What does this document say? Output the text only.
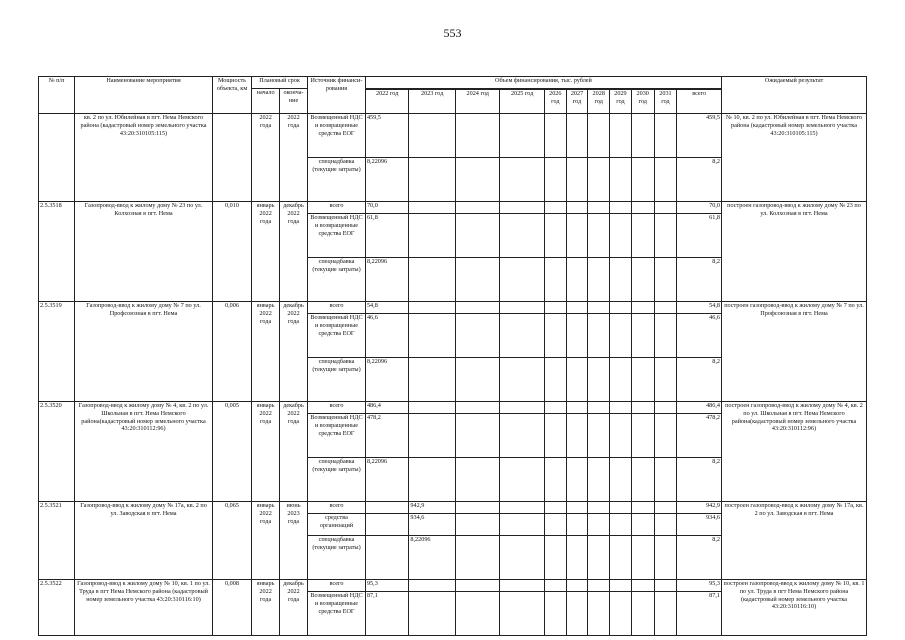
553
№ п/п	Наименование мероприятия	Мощность объекта, км	Плановый срок		Источник финанси-рования	Объем финансирования, тыс. рублей											Ожидаемый результат
			начало	оконча-ние													
						2022 год	2023 год	2024 год	2025 год	2026 год	2027 год	2028 год	2029 год	2030 год	2031 год	всего	
	кв. 2 по ул. Юбилейная в пгт. Нема Немского района (кадастровый номер земельного участка 43:20:310105:115)		2022 года	2022 года	Возмещенный НДС и возвращенные средства ЕОГ	459,5										459,5	№ 10, кв. 2 по ул. Юбилейная в пгт. Нема Немского района (кадастровый номер земельного участка 43:20:310105:115)
					спецнадбавка (текущие затраты)	8,22096										8,2	
2.5.3518	Газопровод-ввод к жилому дому № 23 по ул. Колхозная в пгт. Нема	0,010	январь 2022 года	декабрь 2022 года	всего	70,0										70,0	построен газопровод-ввод к жилому дому № 23 по ул. Колхозная в пгт. Нема
					Возмещенный НДС и возвращенные средства ЕОГ	61,8										61,8	
					спецнадбавка (текущие затраты)	8,22096										8,2	
2.5.3519	Газопровод-ввод к жилому дому № 7 по ул. Профсоюзная в пгт. Нема	0,006	январь 2022 года	декабрь 2022 года	всего	54,8										54,8	построен газопровод-ввод к жилому дому № 7 по ул. Профсоюзная в пгт. Нема
					Возмещенный НДС и возвращенные средства ЕОГ	46,6										46,6	
					спецнадбавка (текущие затраты)	8,22096										8,2	
2.5.3520	Газопровод-ввод к жилому дому № 4, кв. 2 по ул. Школьная в пгт. Нема Немского района(кадастровый номер земельного участка 43:20:310112:96)	0,005	январь 2022 года	декабрь 2022 года	всего	486,4										486,4	построен газопровод-ввод к жилому дому № 4, кв. 2 по ул. Школьная в пгт. Нема Немского района(кадастровый номер земельного участка 43:20:310112:96)
					Возмещенный НДС и возвращенные средства ЕОГ	478,2										478,2	
					спецнадбавка (текущие затраты)	8,22096										8,2	
2.5.3521	Газопровод-ввод к жилому дому № 17а, кв. 2 по ул. Заводская в пгт. Нема	0,065	январь 2022 года	июнь 2023 года	всего		942,9									942,9	построен газопровод-ввод к жилому дому № 17а, кв. 2 по ул. Заводская в пгт. Нема
					средства организаций		934,6									934,6	
					спецнадбавка (текущие затраты)		8,22096									8,2	
2.5.3522	Газопровод-ввод к жилому дому № 10, кв. 1 по ул. Труда в пгт Нема Немского района (кадастровый номер земельного участка 43:20:310116:10)	0,008	январь 2022 года	декабрь 2022 года	всего	95,3										95,3	построен газопровод-ввод к жилому дому № 10, кв. 1 по ул. Труда в пгт Нема Немского района (кадастровый номер земельного участка 43:20:310116:10)
					Возмещенный НДС и возвращенные средства ЕОГ	87,1										87,1	
